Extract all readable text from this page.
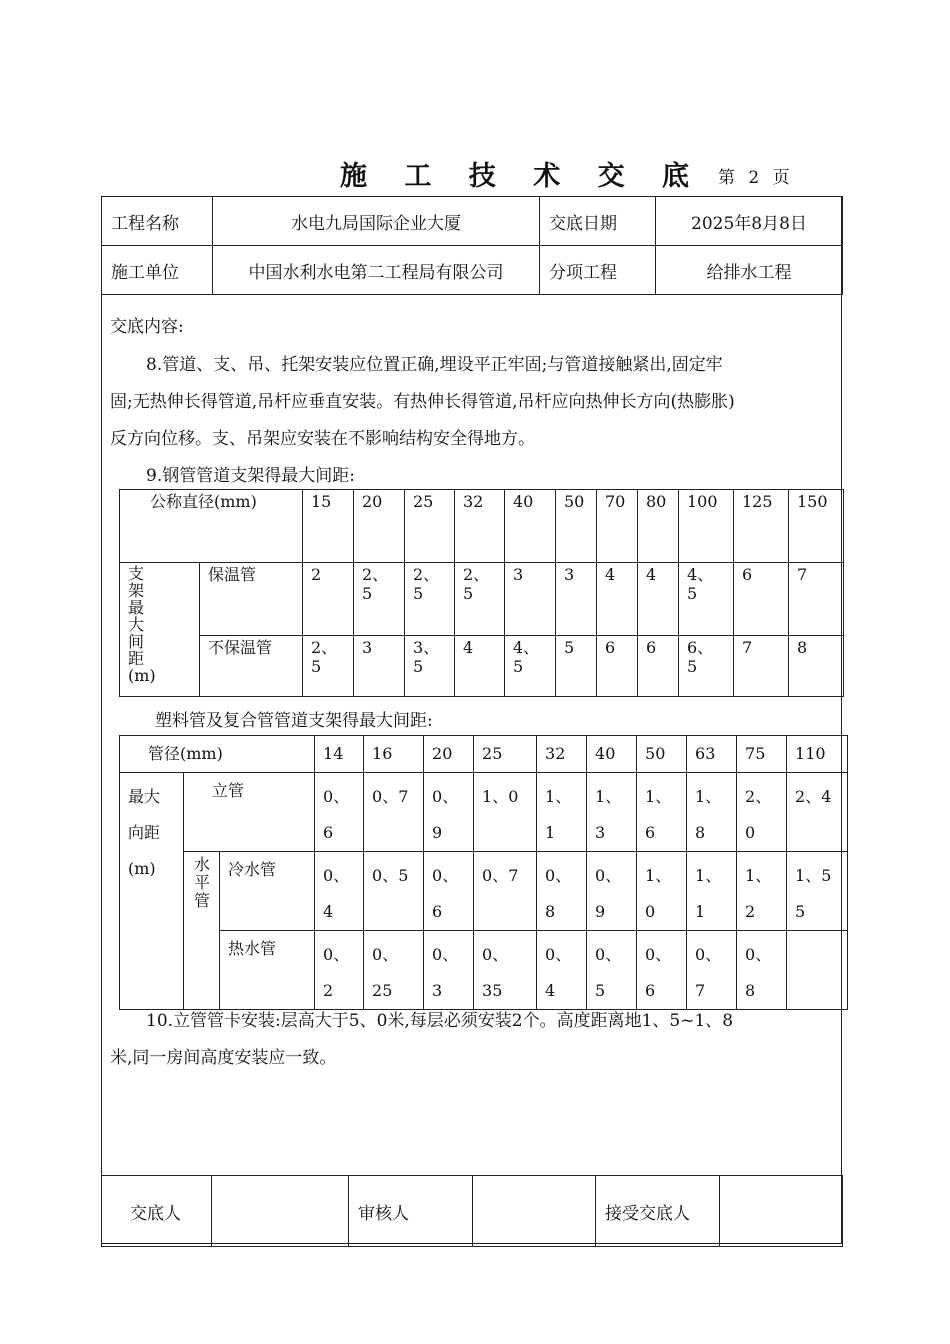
施 工 技 术 交 底 第 2 页
工程名称	水电九局国际企业大厦	交底日期	2025年8月8日
施工单位	中国水利水电第二工程局有限公司	分项工程	给排水工程
交底内容:
8.管道、支、吊、托架安装应位置正确,埋设平正牢固;与管道接触紧出,固定牢
固;无热伸长得管道,吊杆应垂直安装。有热伸长得管道,吊杆应向热伸长方向(热膨胀)
反方向位移。支、吊架应安装在不影响结构安全得地方。
9.钢管管道支架得最大间距:
公称直径(mm)		15	20	25	32	40	50	70	80	100	125	150
支架最大间距(m)	保温管	2	2、5	2、5	2、5	3	3	4	4	4、5	6	7
	不保温管	2、5	3	3、5	4	4、5	5	6	6	6、5	7	8
塑料管及复合管管道支架得最大间距:
管径(mm)			14	16	20	25	32	40	50	63	75	110
最大向距(m)	立管		0、6	0、7	0、9	1、0	1、1	1、3	1、6	1、8	2、0	2、4
	水平管	冷水管	0、4	0、5	0、6	0、7	0、8	0、9	1、0	1、1	1、2	1、55
		热水管	0、2	0、25	0、3	0、35	0、4	0、5	0、6	0、7	0、8	
10.立管管卡安装:层高大于5、0米,每层必须安装2个。高度距离地1、5~1、8
米,同一房间高度安装应一致。
交底人		审核人		接受交底人	
